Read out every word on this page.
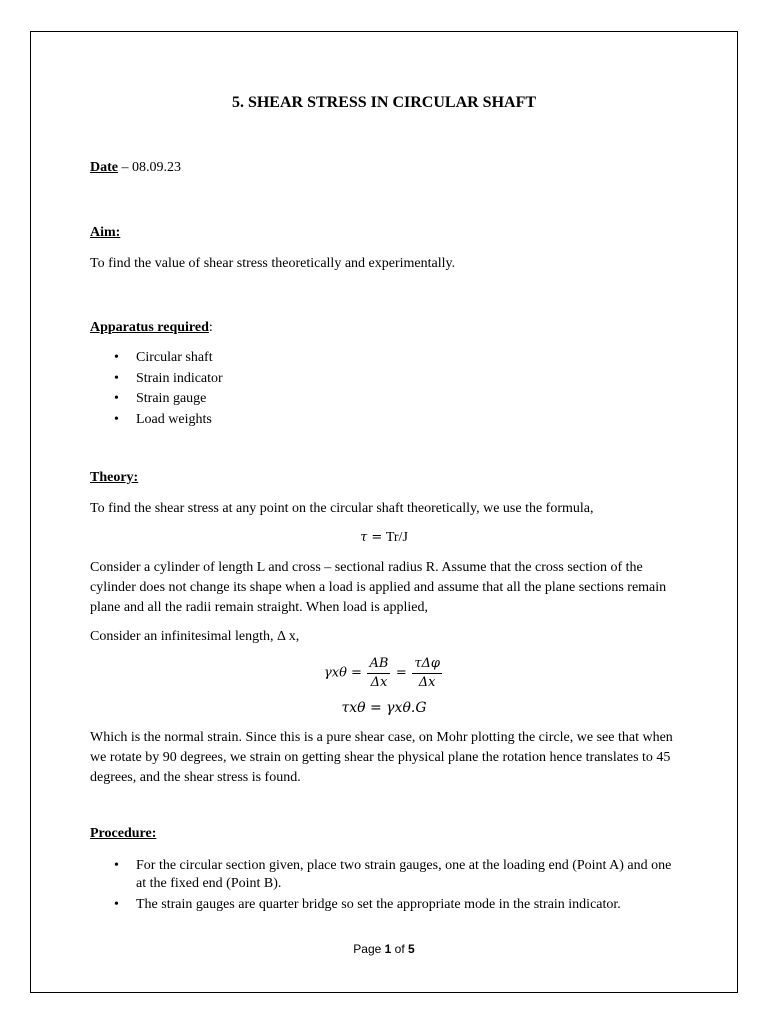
5. SHEAR STRESS IN CIRCULAR SHAFT

Date – 08.09.23

Aim:

To find the value of shear stress theoretically and experimentally.

Apparatus required:

• Circular shaft
• Strain indicator
• Strain gauge
• Load weights

Theory:

To find the shear stress at any point on the circular shaft theoretically, we use the formula,

τ = Tr/J

Consider a cylinder of length L and cross – sectional radius R. Assume that the cross section of the cylinder does not change its shape when a load is applied and assume that all the plane sections remain plane and all the radii remain straight. When load is applied,

Consider an infinitesimal length, Δ x,

$\gamma x\theta = \frac{AB}{\Delta x} = \frac{\text{τΔφ}}{\Delta x}$

τxθ = γxθ.G

Which is the normal strain. Since this is a pure shear case, on Mohr plotting the circle, we see that when we rotate by 90 degrees, we strain on getting shear the physical plane the rotation hence translates to 45 degrees, and the shear stress is found.

Procedure:

• For the circular section given, place two strain gauges, one at the loading end (Point A) and one at the fixed end (Point B).
• The strain gauges are quarter bridge so set the appropriate mode in the strain indicator.

Page 1 of 5
